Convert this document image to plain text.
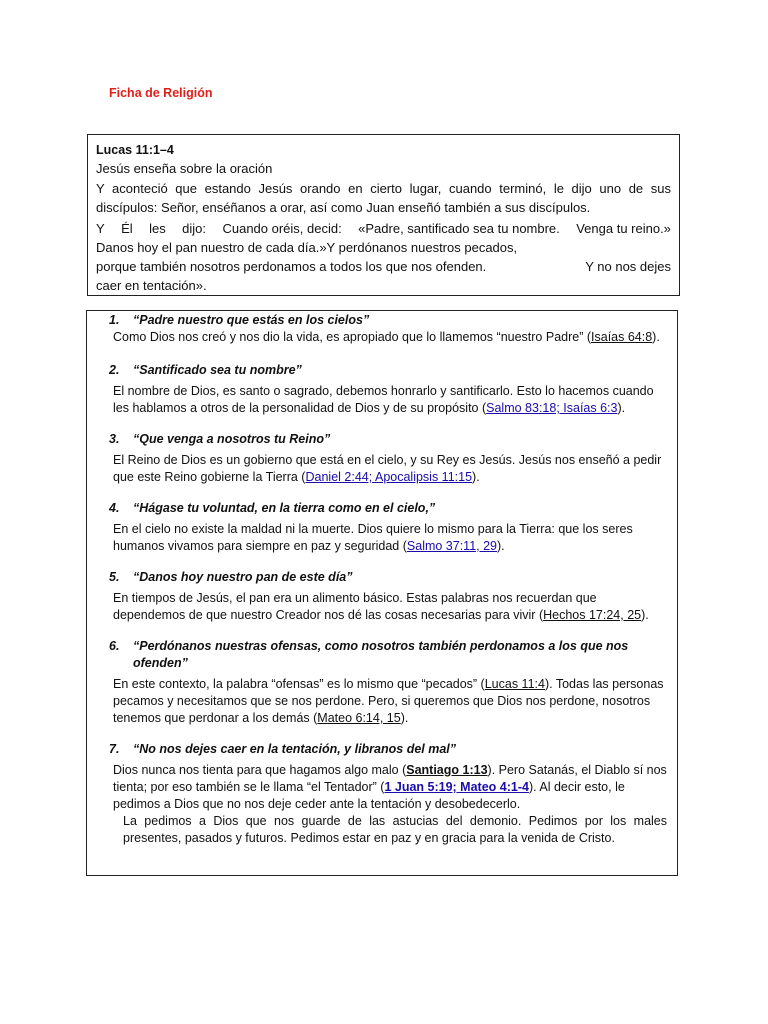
Ficha de Religión
Lucas 11:1–4
Jesús enseña sobre la oración
Y aconteció que estando Jesús orando en cierto lugar, cuando terminó, le dijo uno de sus discípulos: Señor, enséñanos a orar, así como Juan enseñó también a sus discípulos.
Y Él les dijo: Cuando oréis, decid: «Padre, santificado sea tu nombre. Venga tu reino.»
Danos hoy el pan nuestro de cada día.»Y perdónanos nuestros pecados,
porque también nosotros perdonamos a todos los que nos ofenden.	Y no nos dejes
caer en tentación».
1.	“Padre nuestro que estás en los cielos”
Como Dios nos creó y nos dio la vida, es apropiado que lo llamemos “nuestro Padre” (Isaías 64:8).
2.	“Santificado sea tu nombre”
El nombre de Dios, es santo o sagrado, debemos honrarlo y santificarlo. Esto lo hacemos cuando les hablamos a otros de la personalidad de Dios y de su propósito (Salmo 83:18; Isaías 6:3).
3.	“Que venga a nosotros tu Reino”
El Reino de Dios es un gobierno que está en el cielo, y su Rey es Jesús. Jesús nos enseñó a pedir que este Reino gobierne la Tierra (Daniel 2:44; Apocalipsis 11:15).
4.	“Hágase tu voluntad, en la tierra como en el cielo,”
En el cielo no existe la maldad ni la muerte. Dios quiere lo mismo para la Tierra: que los seres humanos vivamos para siempre en paz y seguridad (Salmo 37:11, 29).
5.	“Danos hoy nuestro pan de este día”
En tiempos de Jesús, el pan era un alimento básico. Estas palabras nos recuerdan que dependemos de que nuestro Creador nos dé las cosas necesarias para vivir (Hechos 17:24, 25).
6.	“Perdónanos nuestras ofensas, como nosotros también perdonamos a los que nos ofenden”
En este contexto, la palabra “ofensas” es lo mismo que “pecados” (Lucas 11:4). Todas las personas pecamos y necesitamos que se nos perdone. Pero, si queremos que Dios nos perdone, nosotros tenemos que perdonar a los demás (Mateo 6:14, 15).
7.	“No nos dejes caer en la tentación, y libranos del mal”
Dios nunca nos tienta para que hagamos algo malo (Santiago 1:13). Pero Satanás, el Diablo sí nos tienta; por eso también se le llama “el Tentador” (1 Juan 5:19; Mateo 4:1-4). Al decir esto, le pedimos a Dios que no nos deje ceder ante la tentación y desobedecerlo.
La pedimos a Dios que nos guarde de las astucias del demonio. Pedimos por los males presentes, pasados y futuros. Pedimos estar en paz y en gracia para la venida de Cristo.
